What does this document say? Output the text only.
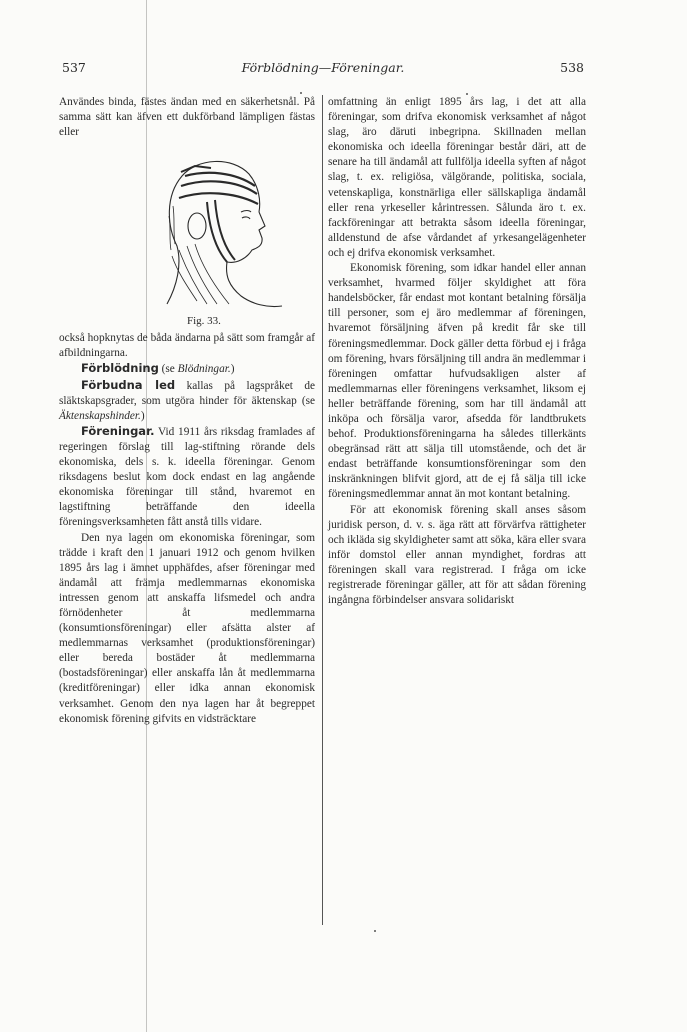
537	Förblödning—Föreningar.	538

Användes binda, fästes ändan med en säkerhetsnål. På samma sätt kan äfven ett dukförband lämpligen fästas eller

Fig. 33.

också hopknytas de båda ändarna på sätt som framgår af afbildningarna.

Förblödning (se Blödningar.)

Förbudna led kallas på lagspråket de släktskapsgrader, som utgöra hinder för äktenskap (se Äktenskapshinder.)

Föreningar. Vid 1911 års riksdag framlades af regeringen förslag till lag-stiftning rörande dels ekonomiska, dels s. k. ideella föreningar. Genom riksdagens beslut kom dock endast en lag angående ekonomiska föreningar till stånd, hvaremot en lagstiftning beträffande den ideella föreningsverksamheten fått anstå tills vidare.

Den nya lagen om ekonomiska föreningar, som trädde i kraft den 1 januari 1912 och genom hvilken 1895 års lag i ämnet upphäfdes, afser föreningar med ändamål att främja medlemmarnas ekonomiska intressen genom att anskaffa lifsmedel och andra förnödenheter åt medlemmarna (konsumtionsföreningar) eller afsätta alster af medlemmarnas verksamhet (produktionsföreningar) eller bereda bostäder åt medlemmarna (bostadsföreningar) eller anskaffa lån åt medlemmarna (kreditföreningar) eller idka annan ekonomisk verksamhet. Genom den nya lagen har åt begreppet ekonomisk förening gifvits en vidsträcktare

omfattning än enligt 1895 års lag, i det att alla föreningar, som drifva ekonomisk verksamhet af något slag, äro däruti inbegripna. Skillnaden mellan ekonomiska och ideella föreningar består däri, att de senare ha till ändamål att fullfölja ideella syften af något slag, t. ex. religiösa, välgörande, politiska, sociala, vetenskapliga, konstnärliga eller sällskapliga ändamål eller rena yrkeseller kårintressen. Sålunda äro t. ex. fackföreningar att betrakta såsom ideella föreningar, alldenstund de afse vårdandet af yrkesangelägenheter och ej drifva ekonomisk verksamhet.

Ekonomisk förening, som idkar handel eller annan verksamhet, hvarmed följer skyldighet att föra handelsböcker, får endast mot kontant betalning försälja till personer, som ej äro medlemmar af föreningen, hvaremot försäljning äfven på kredit får ske till föreningsmedlemmar. Dock gäller detta förbud ej i fråga om förening, hvars försäljning till andra än medlemmar i föreningen omfattar hufvudsakligen alster af medlemmarnas eller föreningens verksamhet, liksom ej heller beträffande förening, som har till ändamål att inköpa och försälja varor, afsedda för landtbrukets behof. Produktionsföreningarna ha således tillerkänts obegränsad rätt att sälja till utomstående, och det är endast beträffande konsumtionsföreningar som den inskränkningen blifvit gjord, att de ej få sälja till icke föreningsmedlemmar annat än mot kontant betalning.

För att ekonomisk förening skall anses såsom juridisk person, d. v. s. äga rätt att förvärfva rättigheter och ikläda sig skyldigheter samt att söka, kära eller svara inför domstol eller annan myndighet, fordras att föreningen skall vara registrerad. I fråga om icke registrerade föreningar gäller, att för att sådan förening ingångna förbindelser ansvara solidariskt
